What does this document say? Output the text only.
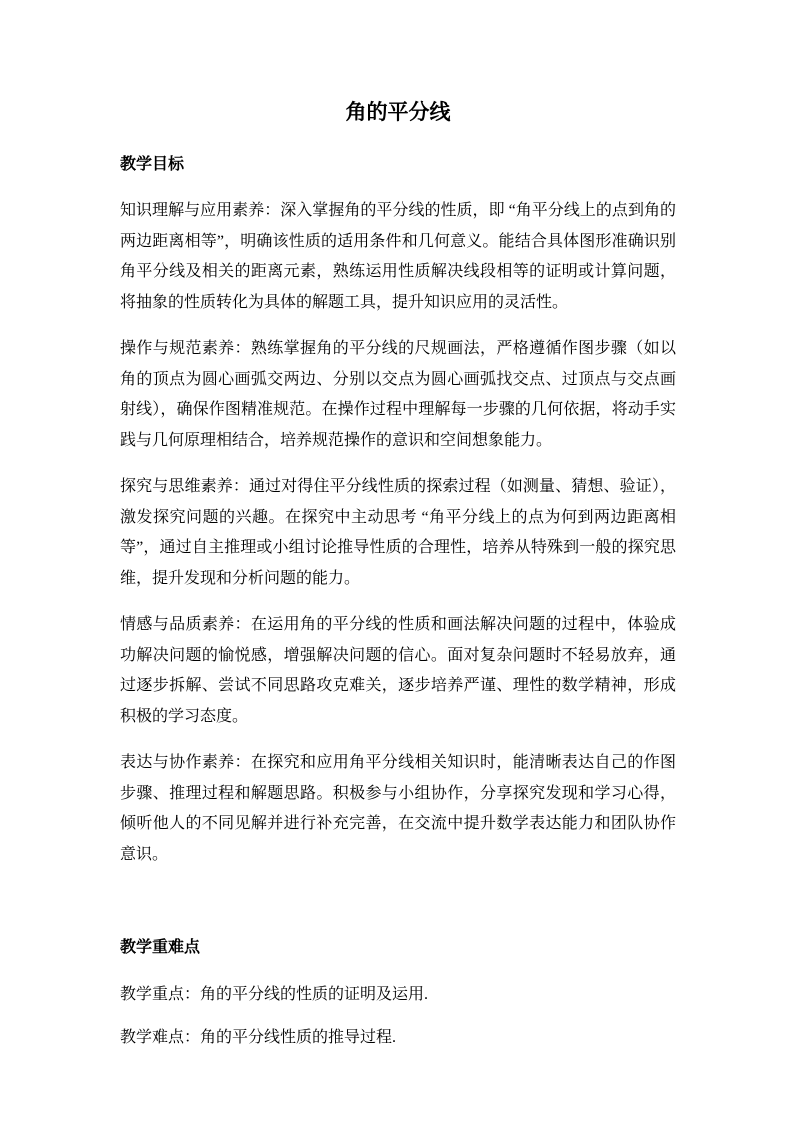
角的平分线
教学目标

知识理解与应用素养：深入掌握角的平分线的性质，即 “角平分线上的点到角的两边距离相等”，明确该性质的适用条件和几何意义。能结合具体图形准确识别角平分线及相关的距离元素，熟练运用性质解决线段相等的证明或计算问题，将抽象的性质转化为具体的解题工具，提升知识应用的灵活性。

操作与规范素养：熟练掌握角的平分线的尺规画法，严格遵循作图步骤（如以角的顶点为圆心画弧交两边、分别以交点为圆心画弧找交点、过顶点与交点画射线），确保作图精准规范。在操作过程中理解每一步骤的几何依据，将动手实践与几何原理相结合，培养规范操作的意识和空间想象能力。

探究与思维素养：通过对得住平分线性质的探索过程（如测量、猜想、验证），激发探究问题的兴趣。在探究中主动思考 “角平分线上的点为何到两边距离相等”，通过自主推理或小组讨论推导性质的合理性，培养从特殊到一般的探究思维，提升发现和分析问题的能力。

情感与品质素养：在运用角的平分线的性质和画法解决问题的过程中，体验成功解决问题的愉悦感，增强解决问题的信心。面对复杂问题时不轻易放弃，通过逐步拆解、尝试不同思路攻克难关，逐步培养严谨、理性的数学精神，形成积极的学习态度。

表达与协作素养：在探究和应用角平分线相关知识时，能清晰表达自己的作图步骤、推理过程和解题思路。积极参与小组协作，分享探究发现和学习心得，倾听他人的不同见解并进行补充完善，在交流中提升数学表达能力和团队协作意识。

教学重难点

教学重点：角的平分线的性质的证明及运用.

教学难点：角的平分线性质的推导过程.
